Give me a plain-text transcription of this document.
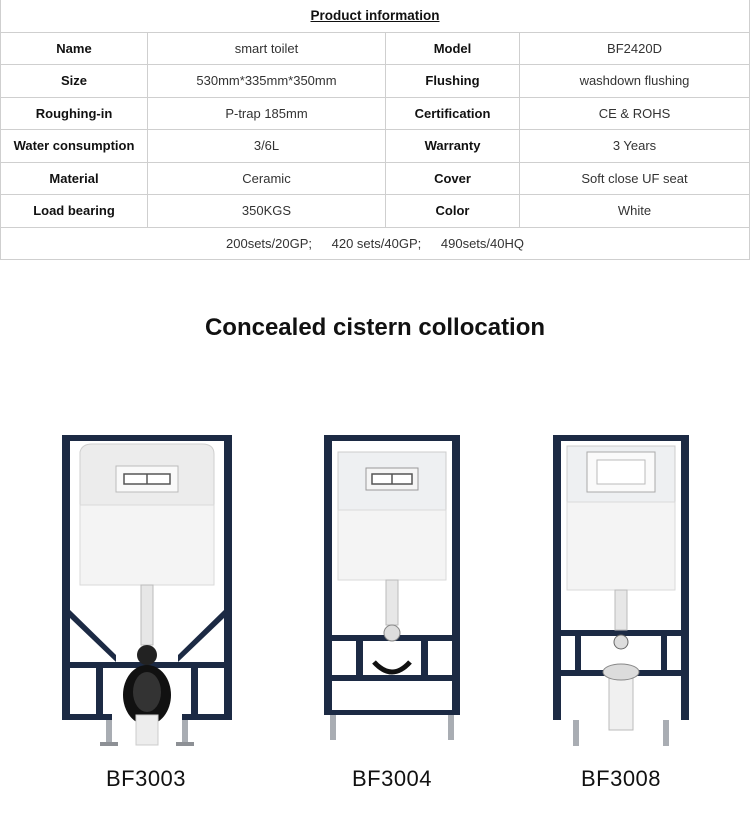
Product information			
Name	smart toilet	Model	BF2420D
Size	530mm*335mm*350mm	Flushing	washdown flushing
Roughing-in	P-trap 185mm	Certification	CE & ROHS
Water consumption	3/6L	Warranty	3 Years
Material	Ceramic	Cover	Soft close UF seat
Load bearing	350KGS	Color	White
200sets/20GP; 420 sets/40GP; 490sets/40HQ			
Concealed cistern collocation
BF3003	BF3004	BF3008
